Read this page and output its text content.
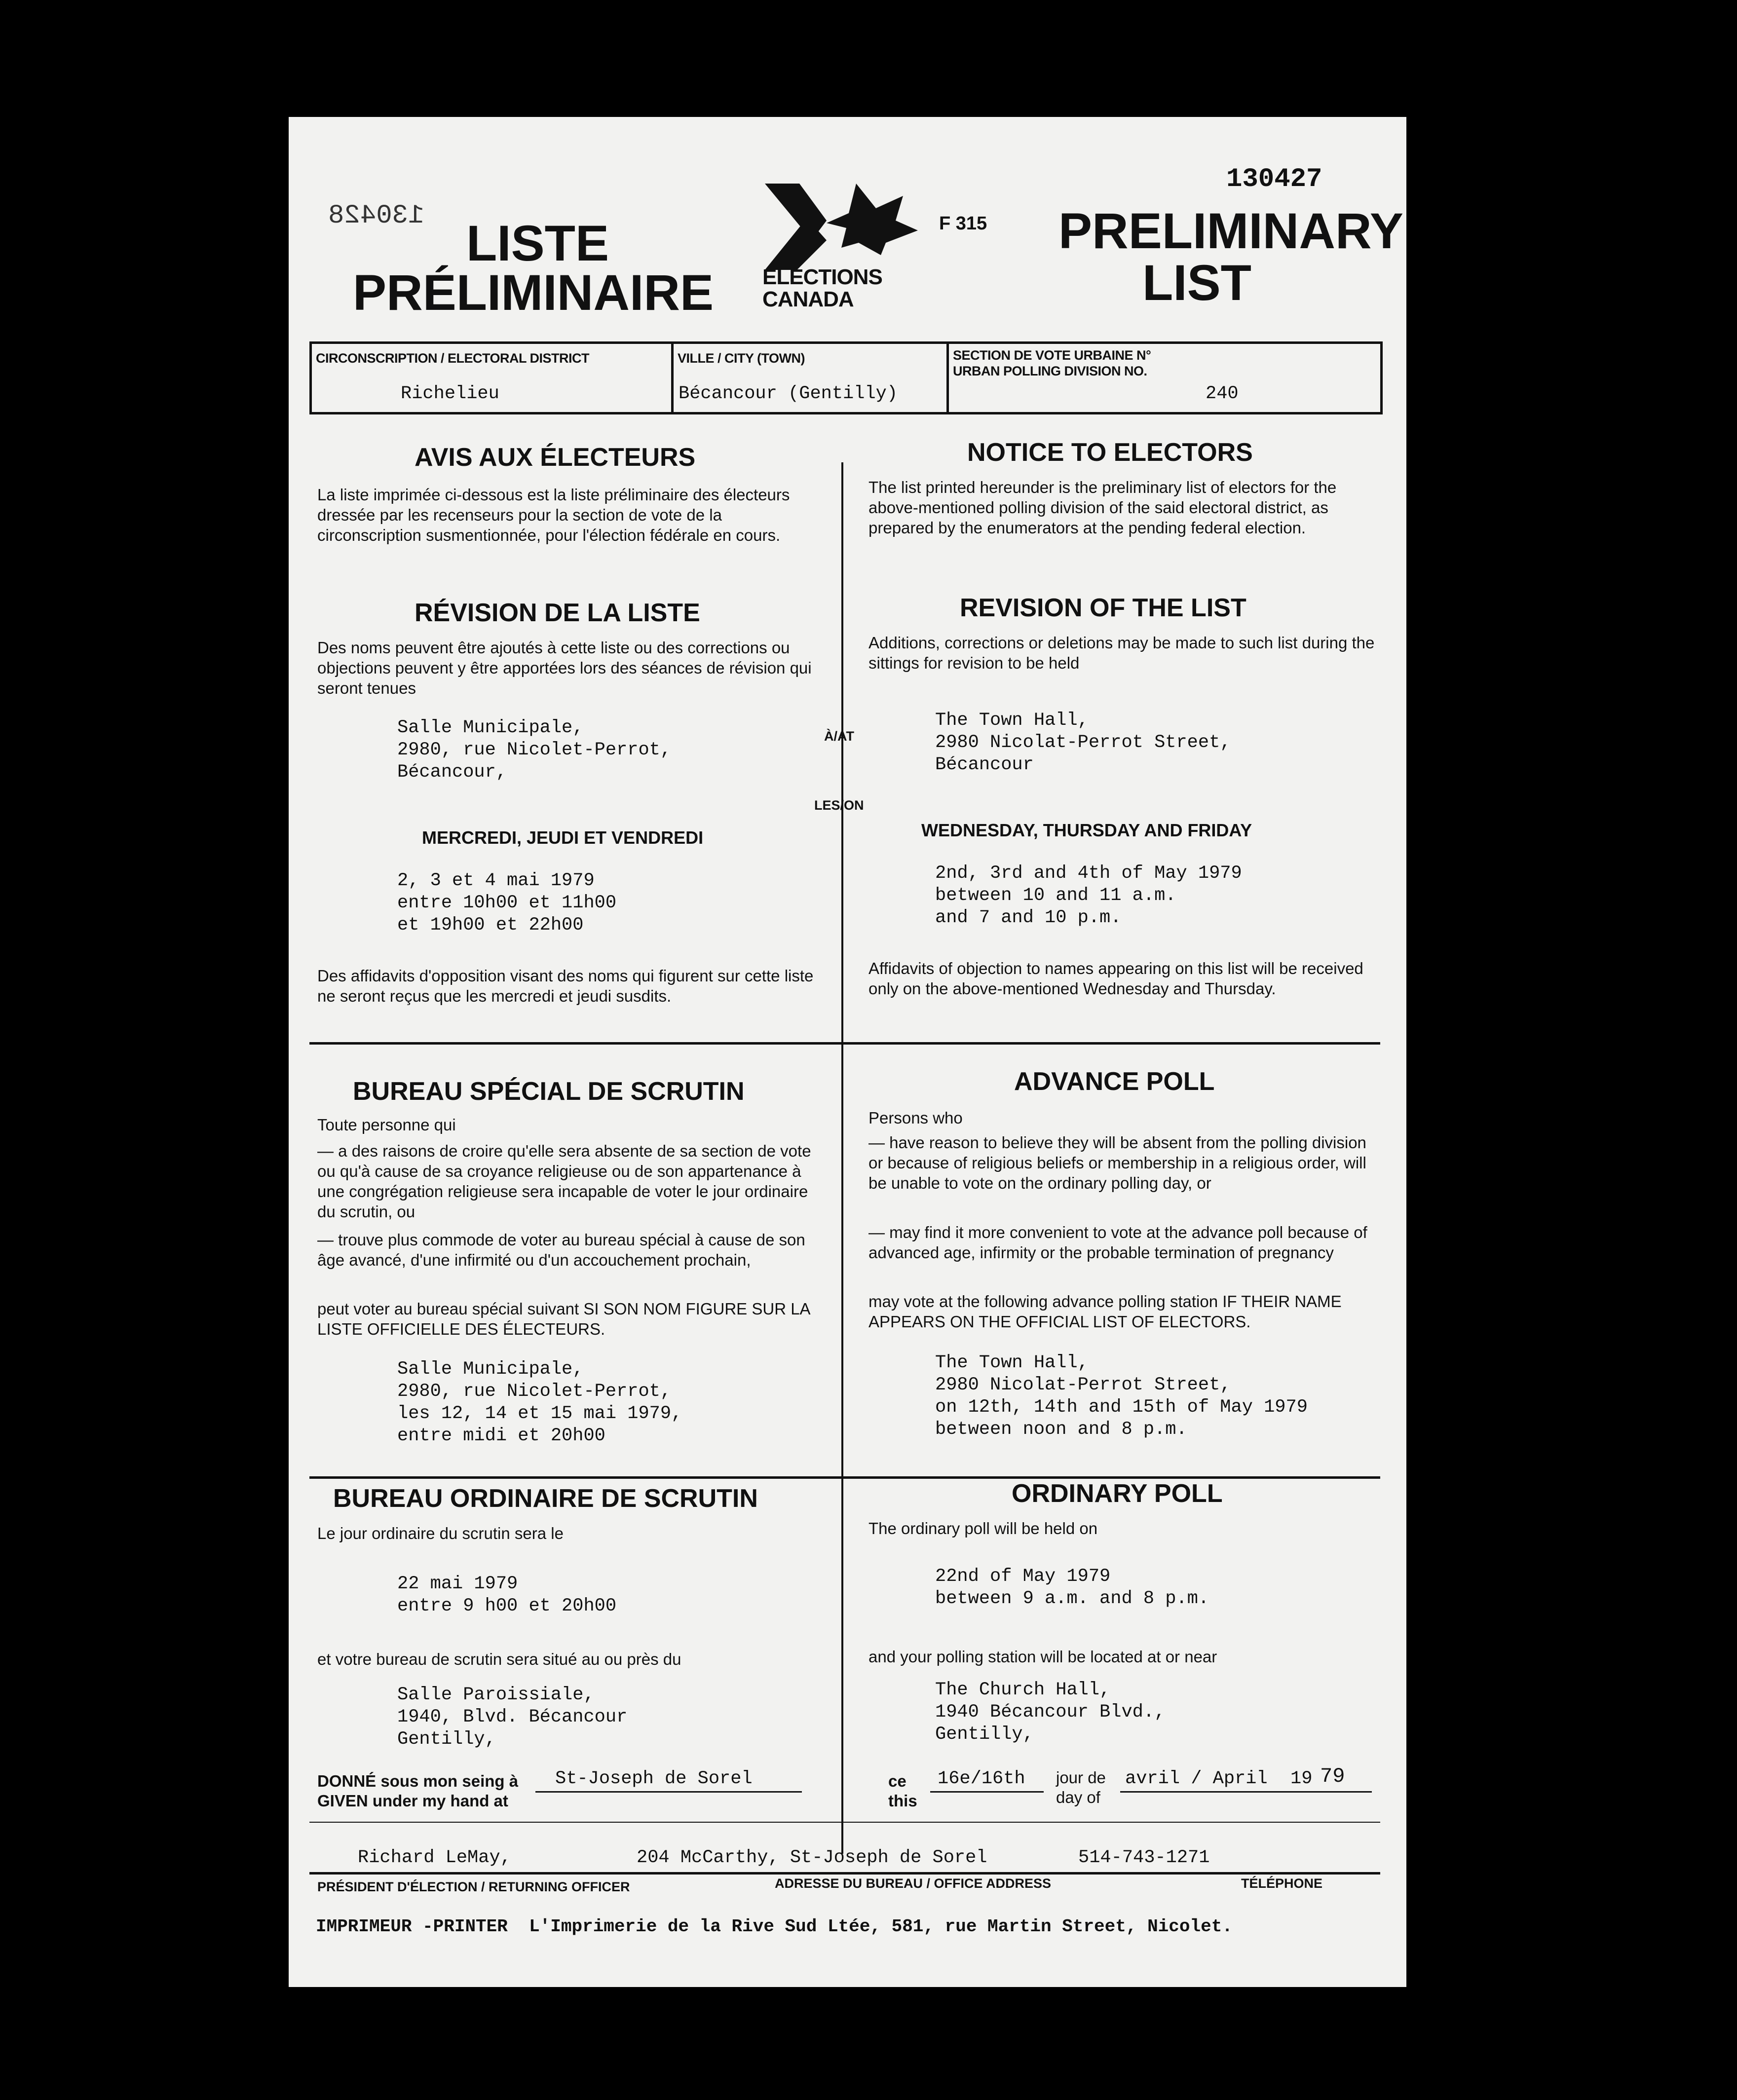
130427
130428 LISTE
PRÉLIMINAIRE ELECTIONS
CANADA
F 315 PRELIMINARY
LIST
CIRCONSCRIPTION / ELECTORAL DISTRICT
Richelieu
VILLE / CITY (TOWN)
Bécancour (Gentilly)
SECTION DE VOTE URBAINE N°
URBAN POLLING DIVISION NO.
240
AVIS AUX ÉLECTEURS
La liste imprimée ci-dessous est la liste préliminaire des électeurs dressée par les recenseurs pour la section de vote de la circonscription susmentionnée, pour l'élection fédérale en cours.
NOTICE TO ELECTORS
The list printed hereunder is the preliminary list of electors for the above-mentioned polling division of the said electoral district, as prepared by the enumerators at the pending federal election.
RÉVISION DE LA LISTE
Des noms peuvent être ajoutés à cette liste ou des corrections ou objections peuvent y être apportées lors des séances de révision qui seront tenues
Salle Municipale,
2980, rue Nicolet-Perrot,
Bécancour,
MERCREDI, JEUDI ET VENDREDI
2, 3 et 4 mai 1979
entre 10h00 et 11h00
et 19h00 et 22h00
Des affidavits d'opposition visant des noms qui figurent sur cette liste ne seront reçus que les mercredi et jeudi susdits.
À/AT
LES/ON
REVISION OF THE LIST
Additions, corrections or deletions may be made to such list during the sittings for revision to be held
The Town Hall,
2980 Nicolat-Perrot Street,
Bécancour
WEDNESDAY, THURSDAY AND FRIDAY
2nd, 3rd and 4th of May 1979
between 10 and 11 a.m.
and 7 and 10 p.m.
Affidavits of objection to names appearing on this list will be received only on the above-mentioned Wednesday and Thursday.
BUREAU SPÉCIAL DE SCRUTIN
Toute personne qui
— a des raisons de croire qu'elle sera absente de sa section de vote ou qu'à cause de sa croyance religieuse ou de son appartenance à une congrégation religieuse sera incapable de voter le jour ordinaire du scrutin, ou
— trouve plus commode de voter au bureau spécial à cause de son âge avancé, d'une infirmité ou d'un accouchement prochain,
peut voter au bureau spécial suivant SI SON NOM FIGURE SUR LA LISTE OFFICIELLE DES ÉLECTEURS.
Salle Municipale,
2980, rue Nicolet-Perrot,
les 12, 14 et 15 mai 1979,
entre midi et 20h00
ADVANCE POLL
Persons who
— have reason to believe they will be absent from the polling division or because of religious beliefs or membership in a religious order, will be unable to vote on the ordinary polling day, or
— may find it more convenient to vote at the advance poll because of advanced age, infirmity or the probable termination of pregnancy
may vote at the following advance polling station IF THEIR NAME APPEARS ON THE OFFICIAL LIST OF ELECTORS.
The Town Hall,
2980 Nicolat-Perrot Street,
on 12th, 14th and 15th of May 1979
between noon and 8 p.m.
BUREAU ORDINAIRE DE SCRUTIN
Le jour ordinaire du scrutin sera le
22 mai 1979
entre 9 h00 et 20h00
et votre bureau de scrutin sera situé au ou près du
Salle Paroissiale,
1940, Blvd. Bécancour
Gentilly,
ORDINARY POLL
The ordinary poll will be held on
22nd of May 1979
between 9 a.m. and 8 p.m.
and your polling station will be located at or near
The Church Hall,
1940 Bécancour Blvd.,
Gentilly,
DONNÉ sous mon seing à
GIVEN under my hand at
St-Joseph de Sorel	ce
this
16e/16th jour de
day of
avril / April 19 79
Richard LeMay,	204 McCarthy, St-Joseph de Sorel	514-743-1271
PRÉSIDENT D'ÉLECTION / RETURNING OFFICER	ADRESSE DU BUREAU / OFFICE ADDRESS	TÉLÉPHONE
IMPRIMEUR -PRINTER  L'Imprimerie de la Rive Sud Ltée, 581, rue Martin Street, Nicolet.
